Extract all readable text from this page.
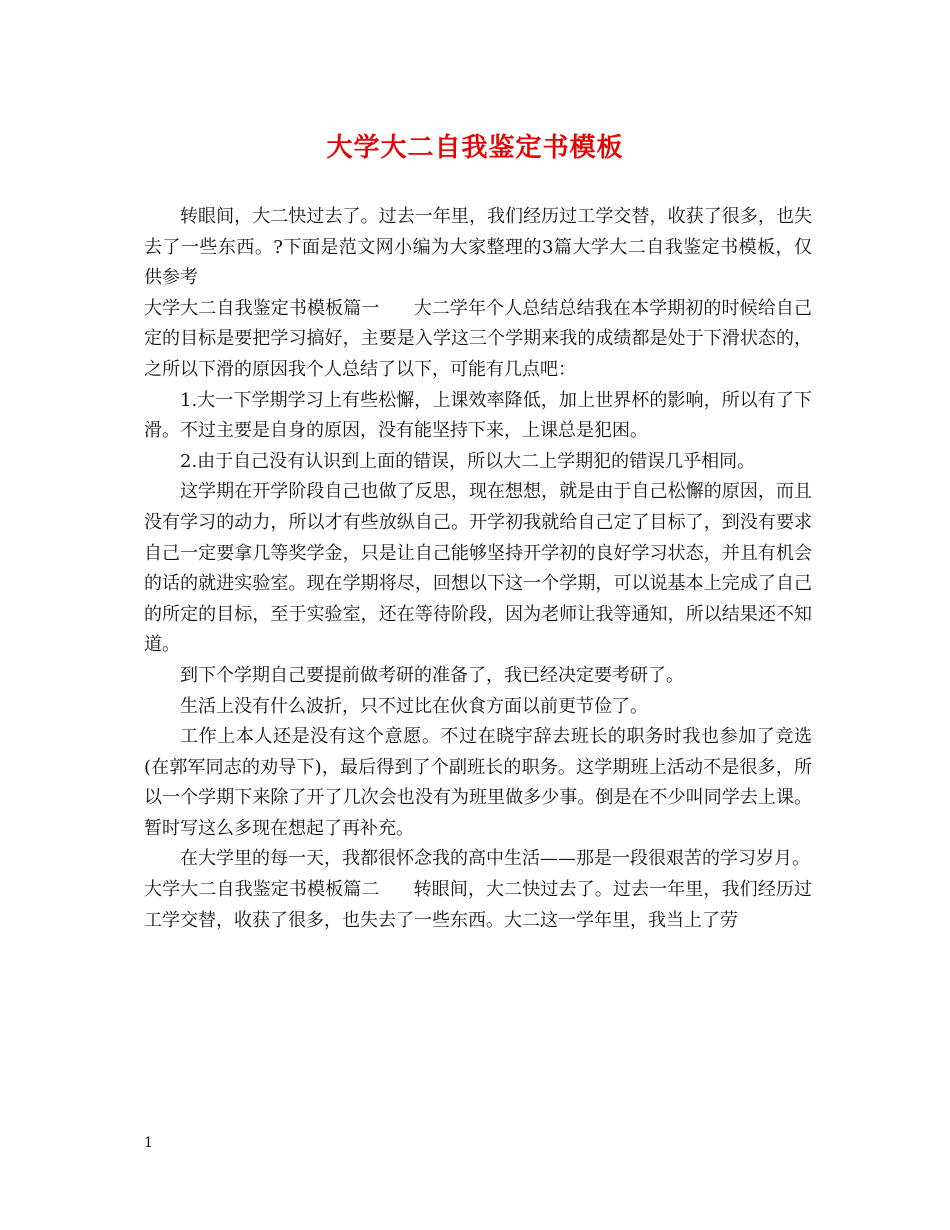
大学大二自我鉴定书模板

转眼间，大二快过去了。过去一年里，我们经历过工学交替，收获了很多，也失去了一些东西。?下面是范文网小编为大家整理的3篇大学大二自我鉴定书模板，仅供参考

大学大二自我鉴定书模板篇一 大二学年个人总结总结我在本学期初的时候给自己定的目标是要把学习搞好，主要是入学这三个学期来我的成绩都是处于下滑状态的，之所以下滑的原因我个人总结了以下，可能有几点吧：

1.大一下学期学习上有些松懈，上课效率降低，加上世界杯的影响，所以有了下滑。不过主要是自身的原因，没有能坚持下来，上课总是犯困。

2.由于自己没有认识到上面的错误，所以大二上学期犯的错误几乎相同。

这学期在开学阶段自己也做了反思，现在想想，就是由于自己松懈的原因，而且没有学习的动力，所以才有些放纵自己。开学初我就给自己定了目标了，到没有要求自己一定要拿几等奖学金，只是让自己能够坚持开学初的良好学习状态，并且有机会的话的就进实验室。现在学期将尽，回想以下这一个学期，可以说基本上完成了自己的所定的目标，至于实验室，还在等待阶段，因为老师让我等通知，所以结果还不知道。

到下个学期自己要提前做考研的准备了，我已经决定要考研了。

生活上没有什么波折，只不过比在伙食方面以前更节俭了。

工作上本人还是没有这个意愿。不过在晓宇辞去班长的职务时我也参加了竞选(在郭军同志的劝导下)，最后得到了个副班长的职务。这学期班上活动不是很多，所以一个学期下来除了开了几次会也没有为班里做多少事。倒是在不少叫同学去上课。暂时写这么多现在想起了再补充。

在大学里的每一天，我都很怀念我的高中生活——那是一段很艰苦的学习岁月。

大学大二自我鉴定书模板篇二 转眼间，大二快过去了。过去一年里，我们经历过工学交替，收获了很多，也失去了一些东西。大二这一学年里，我当上了劳

1
